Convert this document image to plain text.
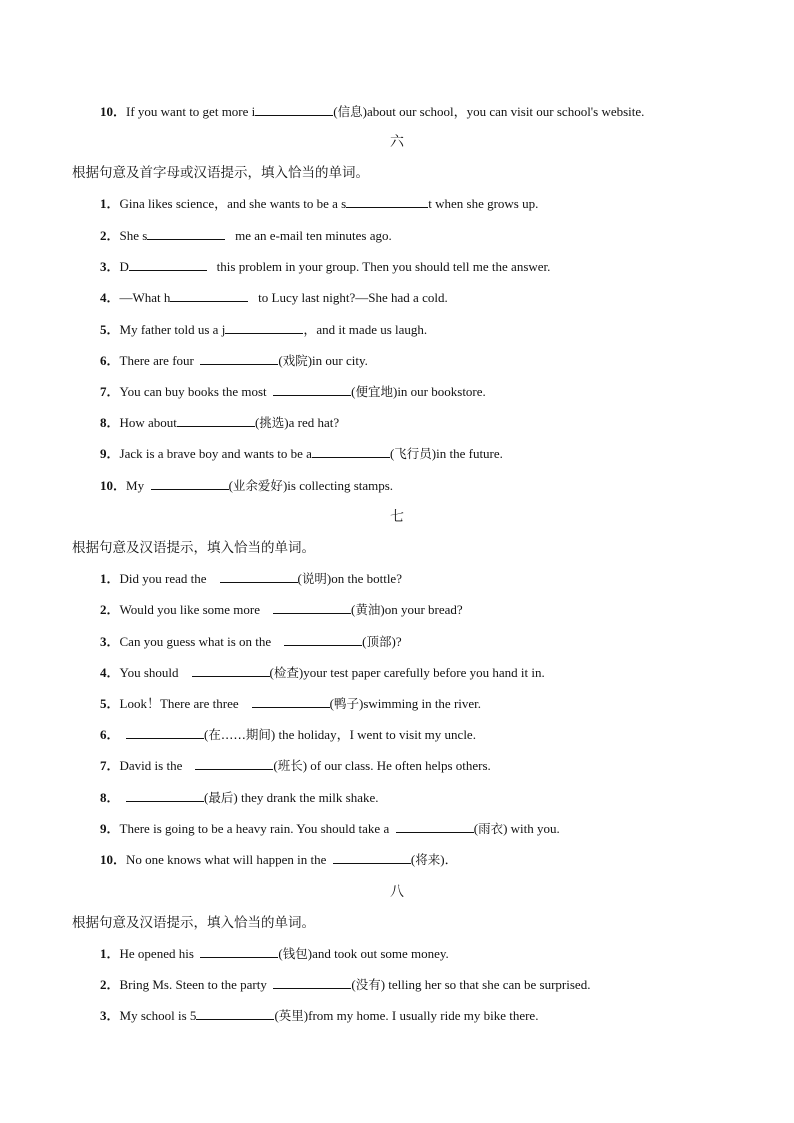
六
七
八
根据句意及首字母或汉语提示，填入恰当的单词。
根据句意及汉语提示，填入恰当的单词。
根据句意及汉语提示，填入恰当的单词。
10．If you want to get more i	(信息)about our school，you can visit our school's website.
1．Gina likes science，and she wants to be a s	t when she grows up.
2．She s	me an e-mail ten minutes ago.
3．D	this problem in your group. Then you should tell me the answer.
4．—What h	to Lucy last night?—She had a cold.
5．My father told us a j	，and it made us laugh.
6．There are four	(戏院)in our city.
7．You can buy books the most	(便宜地)in our bookstore.
8．How about	(挑选)a red hat?
9．Jack is a brave boy and wants to be a	(飞行员)in the future.
10．My	(业余爱好)is collecting stamps.
1．Did you read the	(说明)on the bottle?
2．Would you like some more	(黄油)on your bread?
3．Can you guess what is on the	(顶部)?
4．You should	(检查)your test paper carefully before you hand it in.
5．Look！There are three	(鸭子)swimming in the river.
6．	(在……期间) the holiday，I went to visit my uncle.
7．David is the	(班长) of our class. He often helps others.
8．	(最后) they drank the milk shake.
9．There is going to be a heavy rain. You should take a	(雨衣) with you.
10．No one knows what will happen in the	(将来)．
1．He opened his	(钱包)and took out some money.
2．Bring Ms. Steen to the party	(没有) telling her so that she can be surprised.
3．My school is 5	(英里)from my home. I usually ride my bike there.
